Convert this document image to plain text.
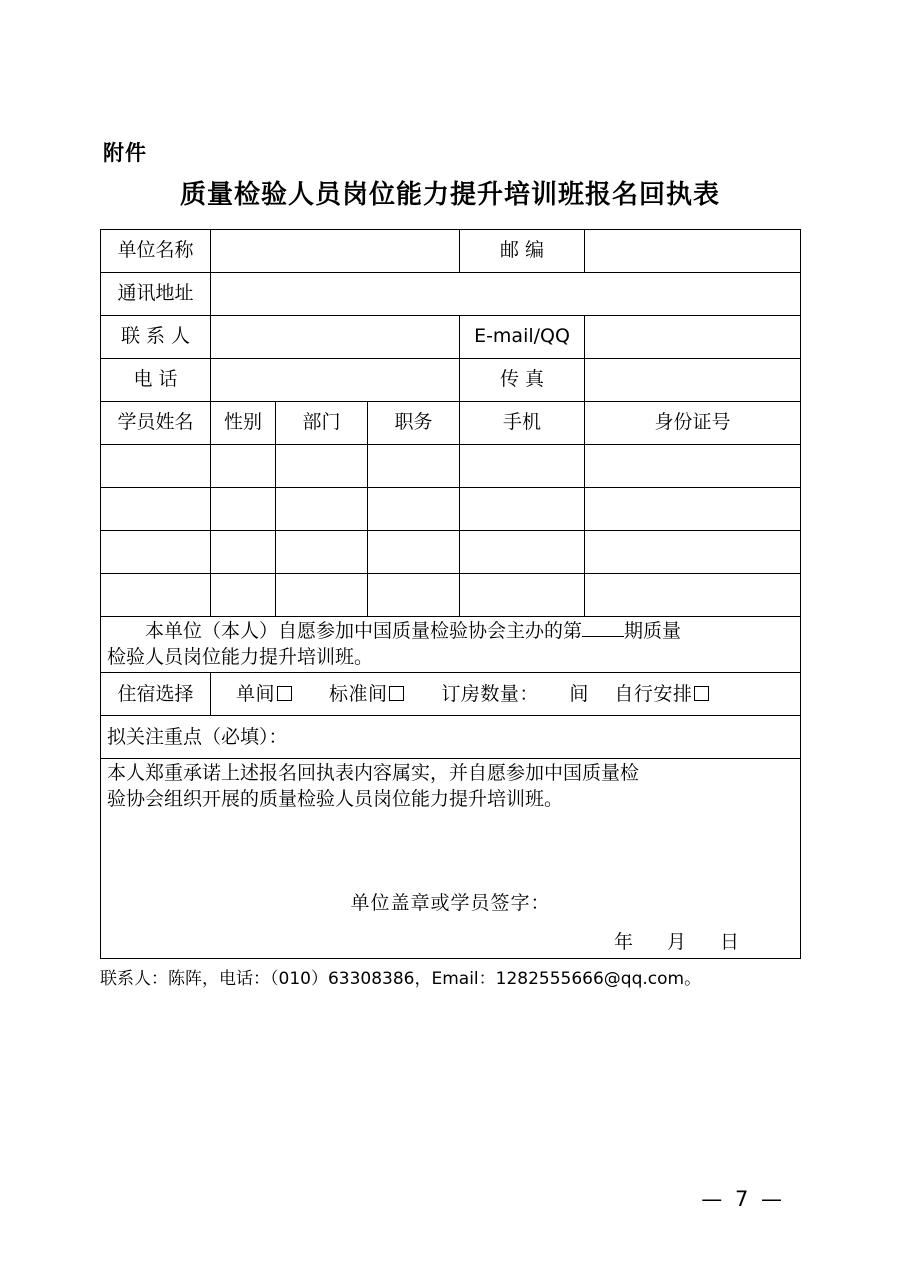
附件
质量检验人员岗位能力提升培训班报名回执表
单位名称				邮 编	
通讯地址					
联 系 人				E-mail/QQ	
电 话				传 真	
学员姓名	性别	部门	职务	手机	身份证号

本单位（本人）自愿参加中国质量检验协会主办的第 期质量
检验人员岗位能力提升培训班。					
住宿选择	单间 标准间 订房数量： 间 自行安排				

拟关注重点（必填）：					

本人郑重承诺上述报名回执表内容属实，并自愿参加中国质量检
验协会组织开展的质量检验人员岗位能力提升培训班。
单位盖章或学员签字：
年 月 日					
联系人：陈阵，电话：（010）63308386，Email：1282555666@qq.com。
— 7 —
